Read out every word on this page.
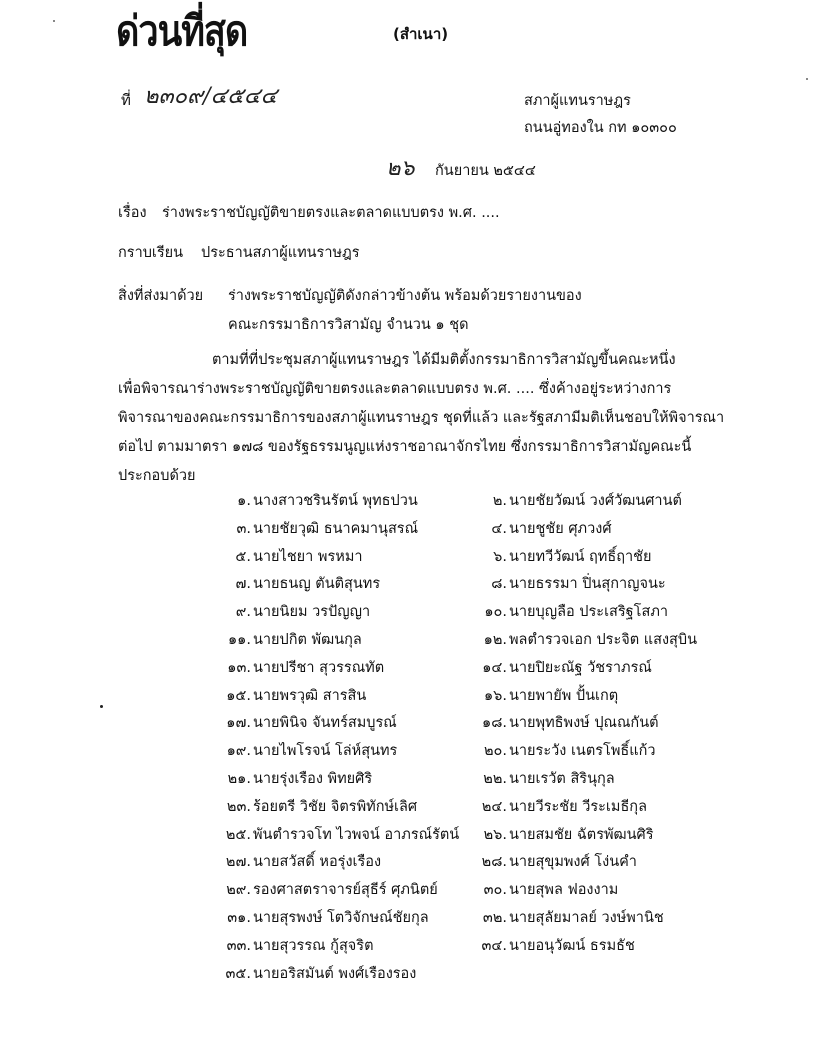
ด่วนที่สุด	(สำเนา)
ที่ ๒๓๐๙/๔๕๔๔	สภาผู้แทนราษฎร
ถนนอู่ทองใน กท ๑๐๓๐๐
๒๖ กันยายน ๒๕๔๔
เรื่อง ร่างพระราชบัญญัติขายตรงและตลาดแบบตรง พ.ศ. ....
กราบเรียน ประธานสภาผู้แทนราษฎร
สิ่งที่ส่งมาด้วย ร่างพระราชบัญญัติดังกล่าวข้างต้น พร้อมด้วยรายงานของ
คณะกรรมาธิการวิสามัญ จำนวน ๑ ชุด
ตามที่ที่ประชุมสภาผู้แทนราษฎร ได้มีมติตั้งกรรมาธิการวิสามัญขึ้นคณะหนึ่ง
เพื่อพิจารณาร่างพระราชบัญญัติขายตรงและตลาดแบบตรง พ.ศ. .... ซึ่งค้างอยู่ระหว่างการ
พิจารณาของคณะกรรมาธิการของสภาผู้แทนราษฎร ชุดที่แล้ว และรัฐสภามีมติเห็นชอบให้พิจารณา
ต่อไป ตามมาตรา ๑๗๘ ของรัฐธรรมนูญแห่งราชอาณาจักรไทย ซึ่งกรรมาธิการวิสามัญคณะนี้
ประกอบด้วย
๑. นางสาวชรินรัตน์ พุทธปวน
๓. นายชัยวุฒิ ธนาคมานุสรณ์
๕. นายไชยา พรหมา
๗. นายธนญ ตันติสุนทร
๙. นายนิยม วรปัญญา
๑๑. นายปกิต พัฒนกุล
๑๓. นายปรีชา สุวรรณทัต
๑๕. นายพรวุฒิ สารสิน
๑๗. นายพินิจ จันทร์สมบูรณ์
๑๙. นายไพโรจน์ โล่ห์สุนทร
๒๑. นายรุ่งเรือง พิทยศิริ
๒๓. ร้อยตรี วิชัย จิตรพิทักษ์เลิศ
๒๕. พันตำรวจโท ไวพจน์ อาภรณ์รัตน์
๒๗. นายสวัสดิ์ หอรุ่งเรือง
๒๙. รองศาสตราจารย์สุธีร์ ศุภนิตย์
๓๑. นายสุรพงษ์ โตวิจักษณ์ชัยกุล
๓๓. นายสุวรรณ กู้สุจริต
๓๕. นายอริสมันต์ พงศ์เรืองรอง
๒. นายชัยวัฒน์ วงศ์วัฒนศานต์
๔. นายชูชัย ศุภวงศ์
๖. นายทวีวัฒน์ ฤทธิ์ฤาชัย
๘. นายธรรมา ปิ่นสุกาญจนะ
๑๐. นายบุญลือ ประเสริฐโสภา
๑๒. พลตำรวจเอก ประจิต แสงสุบิน
๑๔. นายปิยะณัฐ วัชราภรณ์
๑๖. นายพายัพ ปั้นเกตุ
๑๘. นายพุทธิพงษ์ ปุณณกันต์
๒๐. นายระวัง เนตรโพธิ์แก้ว
๒๒. นายเรวัต สิรินุกุล
๒๔. นายวีระชัย วีระเมธีกุล
๒๖. นายสมชัย ฉัตรพัฒนศิริ
๒๘. นายสุขุมพงศ์ โง่นคำ
๓๐. นายสุพล ฟองงาม
๓๒. นายสุลัยมาลย์ วงษ์พานิช
๓๔. นายอนุวัฒน์ ธรมธัช
